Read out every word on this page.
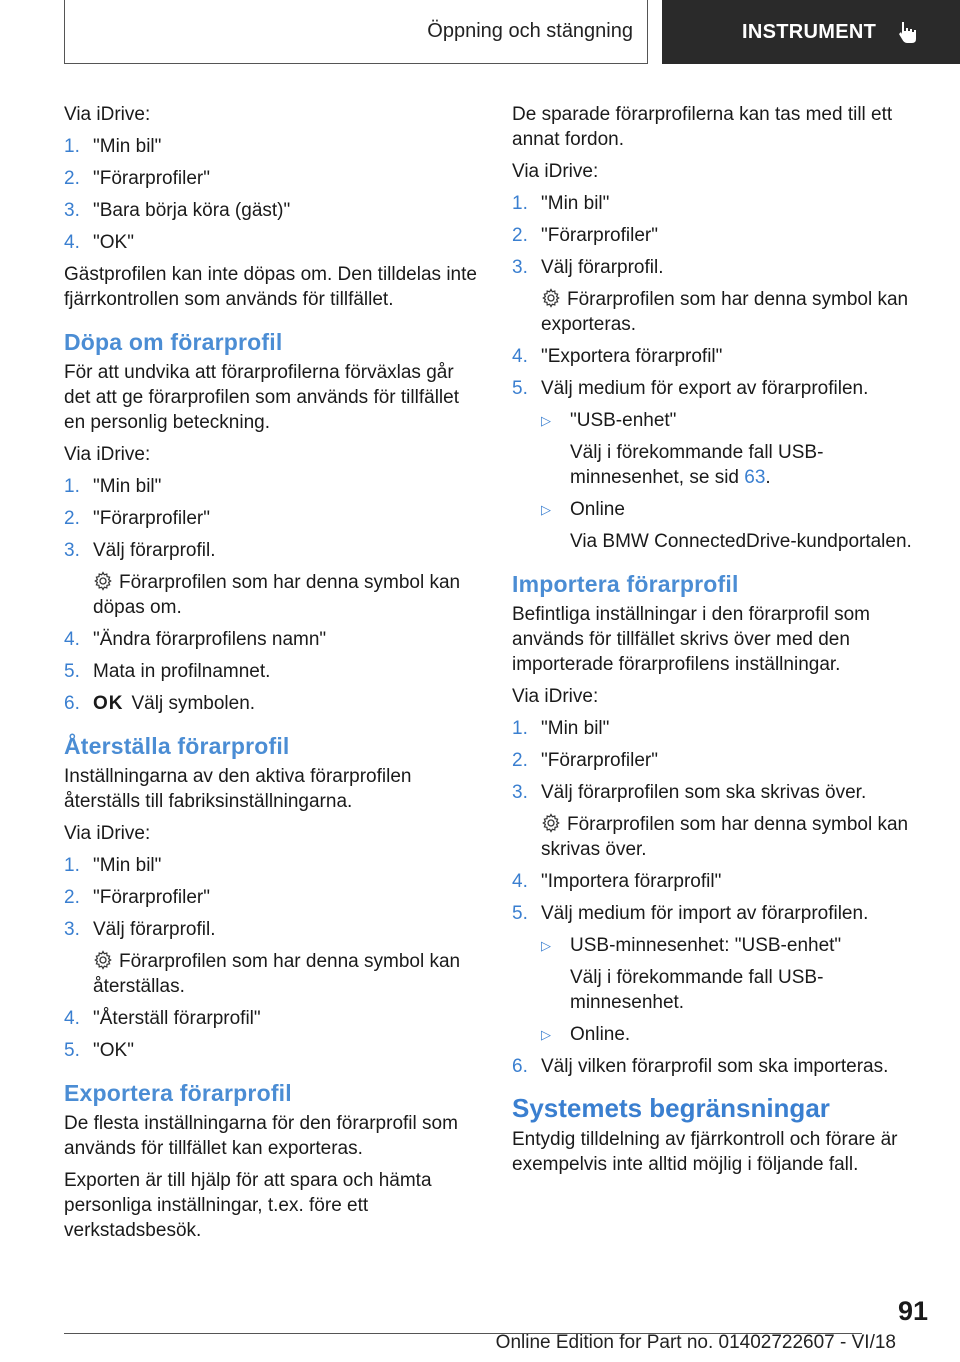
Öppning och stängning	INSTRUMENT

Via iDrive:

1. "Min bil"
2. "Förarprofiler"
3. "Bara börja köra (gäst)"
4. "OK"

Gästprofilen kan inte döpas om. Den tilldelas inte fjärrkontrollen som används för tillfället.

Döpa om förarprofil

För att undvika att förarprofilerna förväxlas går det att ge förarprofilen som används för tillfället en personlig beteckning.

Via iDrive:

1. "Min bil"
2. "Förarprofiler"
3. Välj förarprofil.
Förarprofilen som har denna symbol kan döpas om.
4. "Ändra förarprofilens namn"
5. Mata in profilnamnet.
6. OK Välj symbolen.
Återställa förarprofil

Inställningarna av den aktiva förarprofilen återställs till fabriksinställningarna.

Via iDrive:

1. "Min bil"
2. "Förarprofiler"
3. Välj förarprofil.
Förarprofilen som har denna symbol kan återställas.
4. "Återställ förarprofil"
5. "OK"
Exportera förarprofil

De flesta inställningarna för den förarprofil som används för tillfället kan exporteras.

Exporten är till hjälp för att spara och hämta personliga inställningar, t.ex. före ett verkstadsbesök.

De sparade förarprofilerna kan tas med till ett annat fordon.

Via iDrive:

1. "Min bil"
2. "Förarprofiler"
3. Välj förarprofil.
Förarprofilen som har denna symbol kan exporteras.
4. "Exportera förarprofil"
5. Välj medium för export av förarprofilen.
▷ "USB-enhet"
Välj i förekommande fall USB-minnesenhet, se sid 63.
▷ Online
Via BMW ConnectedDrive-kundportalen.
Importera förarprofil

Befintliga inställningar i den förarprofil som används för tillfället skrivs över med den importerade förarprofilens inställningar.

Via iDrive:

1. "Min bil"
2. "Förarprofiler"
3. Välj förarprofilen som ska skrivas över.
Förarprofilen som har denna symbol kan skrivas över.
4. "Importera förarprofil"
5. Välj medium för import av förarprofilen.
▷ USB-minnesenhet: "USB-enhet"
Välj i förekommande fall USB-minnesenhet.
▷ Online.
6. Välj vilken förarprofil som ska importeras.
Systemets begränsningar

Entydig tilldelning av fjärrkontroll och förare är exempelvis inte alltid möjlig i följande fall.

91
Online Edition for Part no. 01402722607 - VI/18
